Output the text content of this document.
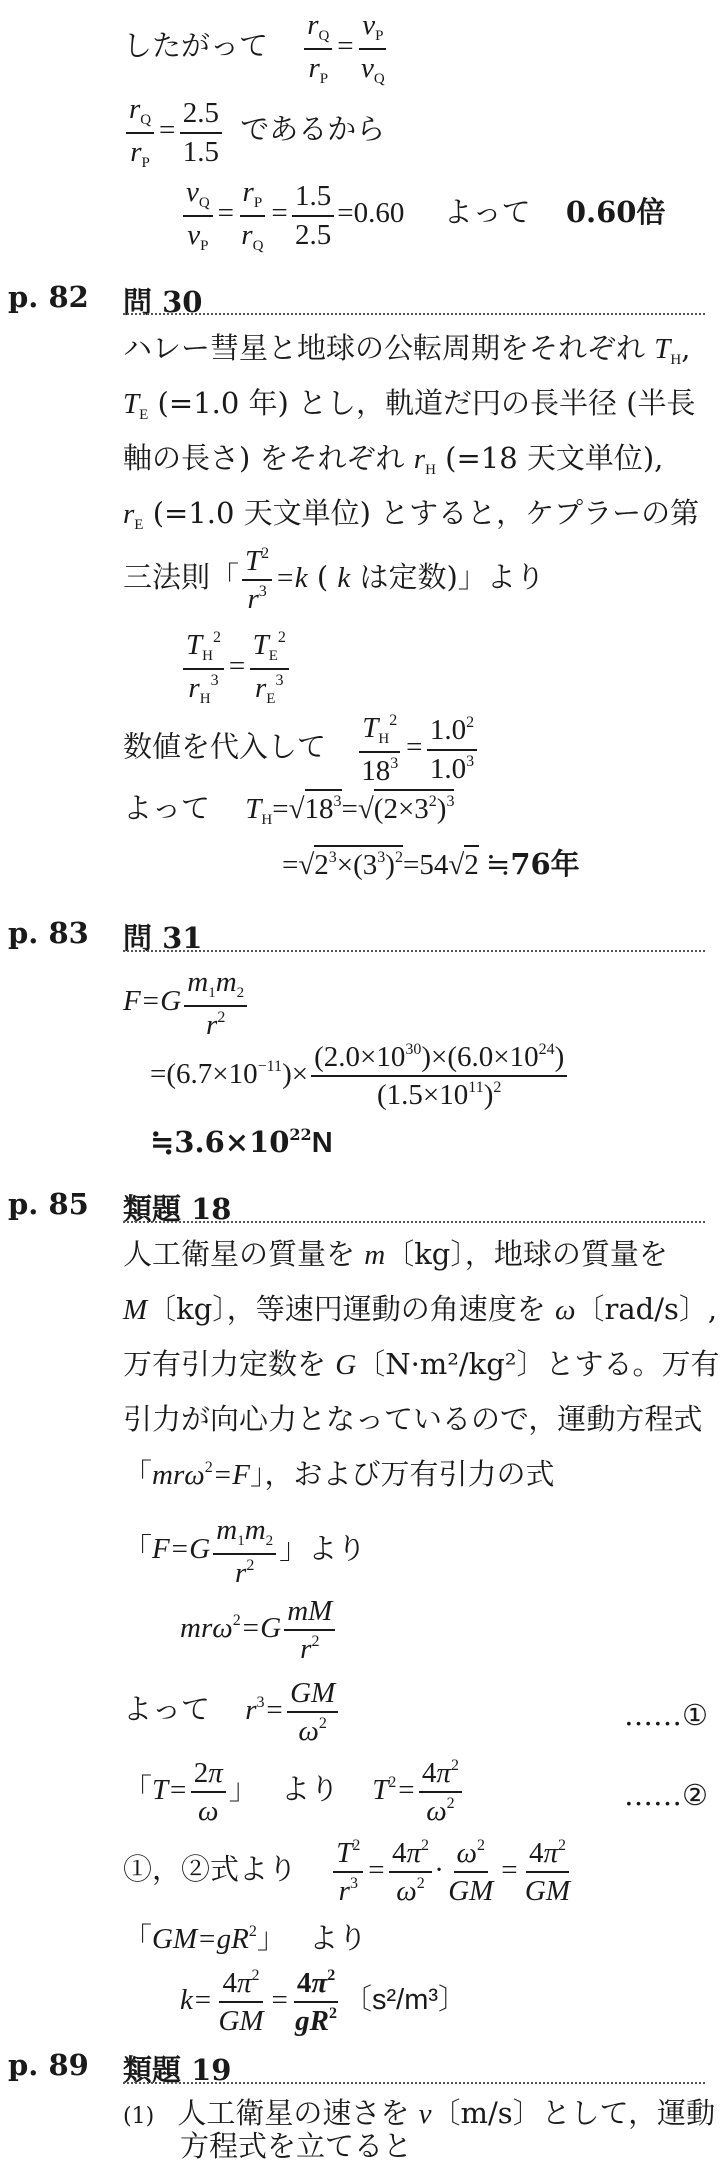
したがって $\frac{r_Q}{r_P} = \frac{v_P}{v_Q}$
$\frac{r_Q}{r_P} = \frac{2.5}{1.5}$ であるから
$\frac{v_Q}{v_P} = \frac{r_P}{r_Q} = \frac{1.5}{2.5} =0.60$ よって 0.60倍
p. 82 問 30
ハレー彗星と地球の公転周期をそれぞれ $T_H$,
$T_E$ (=1.0 年) とし，軌道だ円の長半径 (半長
軸の長さ) をそれぞれ $r_H$ (=18 天文単位),
$r_E$ (=1.0 天文単位) とすると，ケプラーの第
三法則「 $\frac{T^2}{r^3} =k$ ( k は定数)」より
$\frac{T_H^2}{r_H^3} = \frac{T_E^2}{r_E^3}$
数値を代入して $\frac{T_H^2}{18^3} = \frac{1.0^2}{1.0^3}$
よって $T_H=√18^3=√(2\times 3^2)^3$
$=√2^3\times(3^3)^2=54√2$ ≒76年
p. 83 問 31
$F=G \frac{m_1m_2}{r^2}$
$=(6.7\times 10^{-11})\times \frac{(2.0\times 10^{30})\times(6.0\times 10^{24})}{(1.5\times 10^{11})^2}$
$≒3.6\times 10^{22}N$
p. 85 類題 18
人工衛星の質量を m〔kg〕，地球の質量を
M〔kg〕，等速円運動の角速度を ω〔rad/s〕,
万有引力定数を G〔N·m²/kg²〕とする。万有
引力が向心力となっているので，運動方程式
「mrω$^2$=F」，および万有引力の式
「$F=G \frac{m_1m_2}{r^2}$ 」より
$mr\omega^2=G \frac{mM}{r^2}$
よって $r^3= \frac{GM}{\omega^2}$	……①
「$T= \frac{2\pi}{\omega}$ 」 より $T^2= \frac{4\pi^2}{\omega^2}$	……②
①，②式より $\frac{T^2}{r^3} = \frac{4\pi^2}{\omega^2} \cdot \frac{\omega^2}{GM} = \frac{4\pi^2}{GM}$
「$GM=gR^2$」 より
$k= \frac{4\pi^2}{GM} = \frac{4\pi^2}{gR^2}$ 〔s²/m³〕
p. 89 類題 19
(1) 人工衛星の速さを v〔m/s〕として，運動
方程式を立てると
